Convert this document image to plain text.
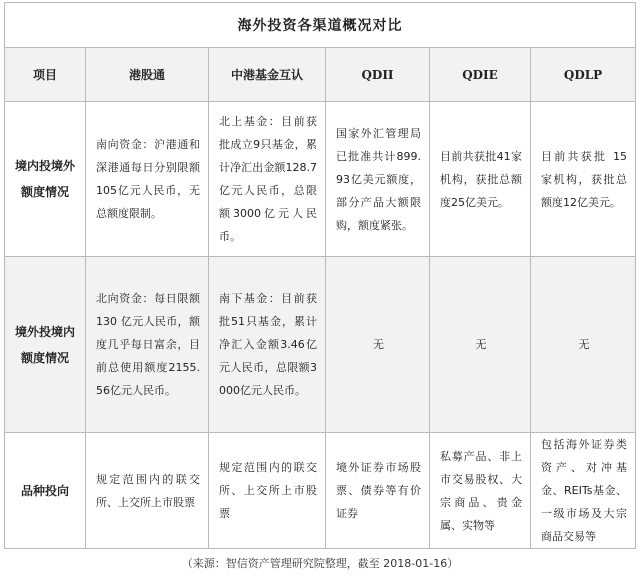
海外投资各渠道概况对比					
项目	港股通	中港基金互认	QDII	QDIE	QDLP
境内投境外额度情况	南向资金：沪港通和深港通每日分别限额105亿元人民币，无总额度限制。	北上基金：目前获批成立9只基金，累计净汇出金额128.7 亿元人民币，总限额3000亿元人民币。	国家外汇管理局已批准共计899.93亿美元额度，部分产品大额限购，额度紧张。	目前共获批41家机构，获批总额度25亿美元。	目前共获批 15 家机构，获批总额度12亿美元。
境外投境内额度情况	北向资金：每日限额 130 亿元人民币，额度几乎每日富余，目前总使用额度2155.56亿元人民币。	南下基金：目前获批51只基金，累计净汇入金额3.46亿元人民币，总限额3000亿元人民币。	无	无	无
品种投向	规定范围内的联交所、上交所上市股票	规定范围内的联交所、上交所上市股票	境外证券市场股票、债券等有价证券	私募产品、非上市交易股权、大宗商品、贵金属、实物等	包括海外证券类资产、对冲基金、REITs基金、一级市场及大宗商品交易等
（来源：智信资产管理研究院整理，截至 2018-01-16）
